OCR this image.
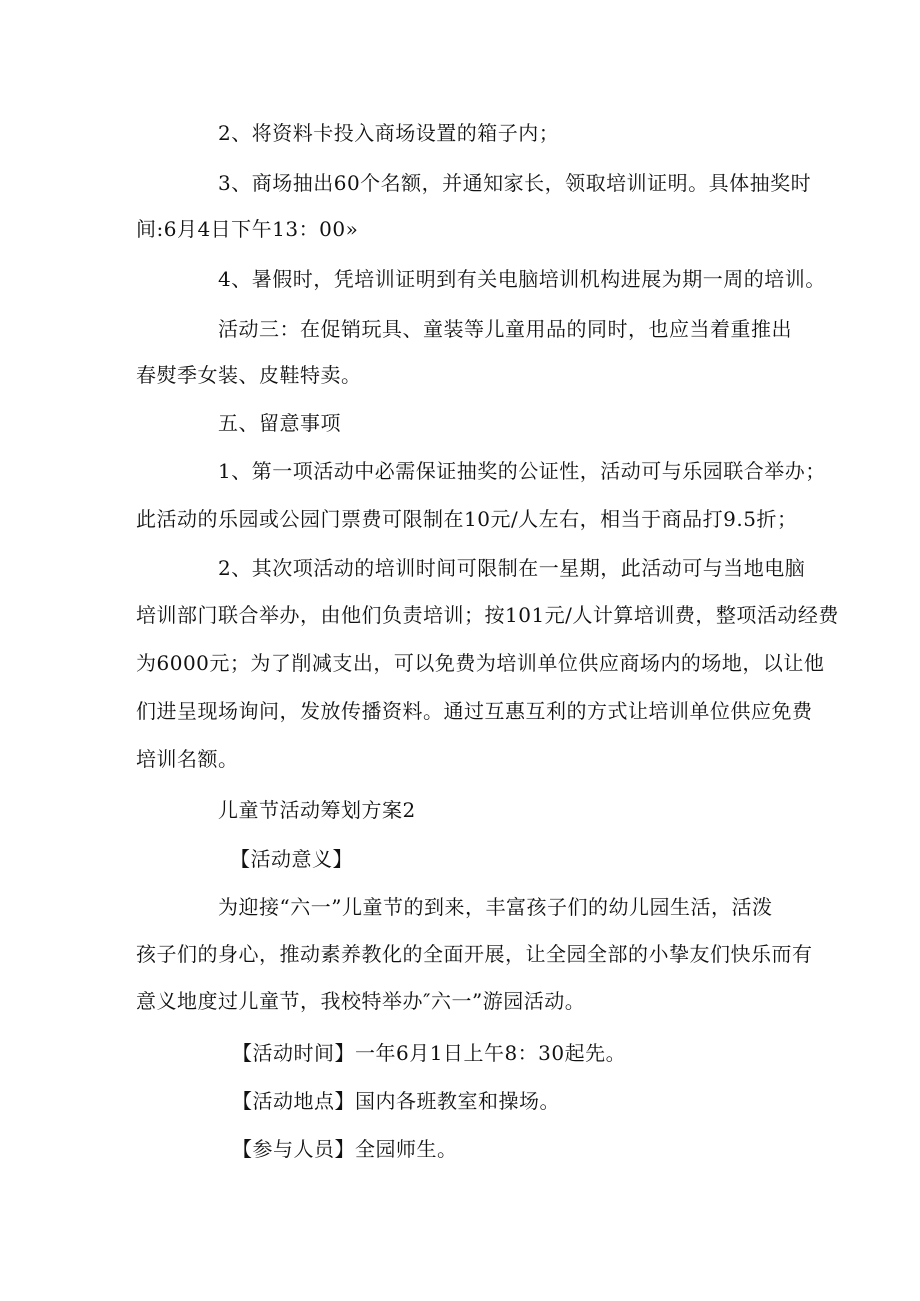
2、将资料卡投入商场设置的箱子内；
3、商场抽出60个名额，并通知家长，领取培训证明。具体抽奖时
间:6月4日下午13：00»
4、暑假时，凭培训证明到有关电脑培训机构进展为期一周的培训。
活动三：在促销玩具、童装等儿童用品的同时，也应当着重推出
春熨季女装、皮鞋特卖。
五、留意事项
1、第一项活动中必需保证抽奖的公证性，活动可与乐园联合举办；
此活动的乐园或公园门票费可限制在10元/人左右，相当于商品打9.5折；
2、其次项活动的培训时间可限制在一星期，此活动可与当地电脑
培训部门联合举办，由他们负责培训；按101元/人计算培训费，整项活动经费
为6000元；为了削减支出，可以免费为培训单位供应商场内的场地，以让他
们进呈现场询问，发放传播资料。通过互惠互利的方式让培训单位供应免费
培训名额。
儿童节活动筹划方案2
【活动意义】
为迎接“六一”儿童节的到来，丰富孩子们的幼儿园生活，活泼
孩子们的身心，推动素养教化的全面开展，让全园全部的小挚友们快乐而有
意义地度过儿童节，我校特举办″六一”游园活动。
【活动时间】一年6月1日上午8：30起先。
【活动地点】国内各班教室和操场。
【参与人员】全园师生。
